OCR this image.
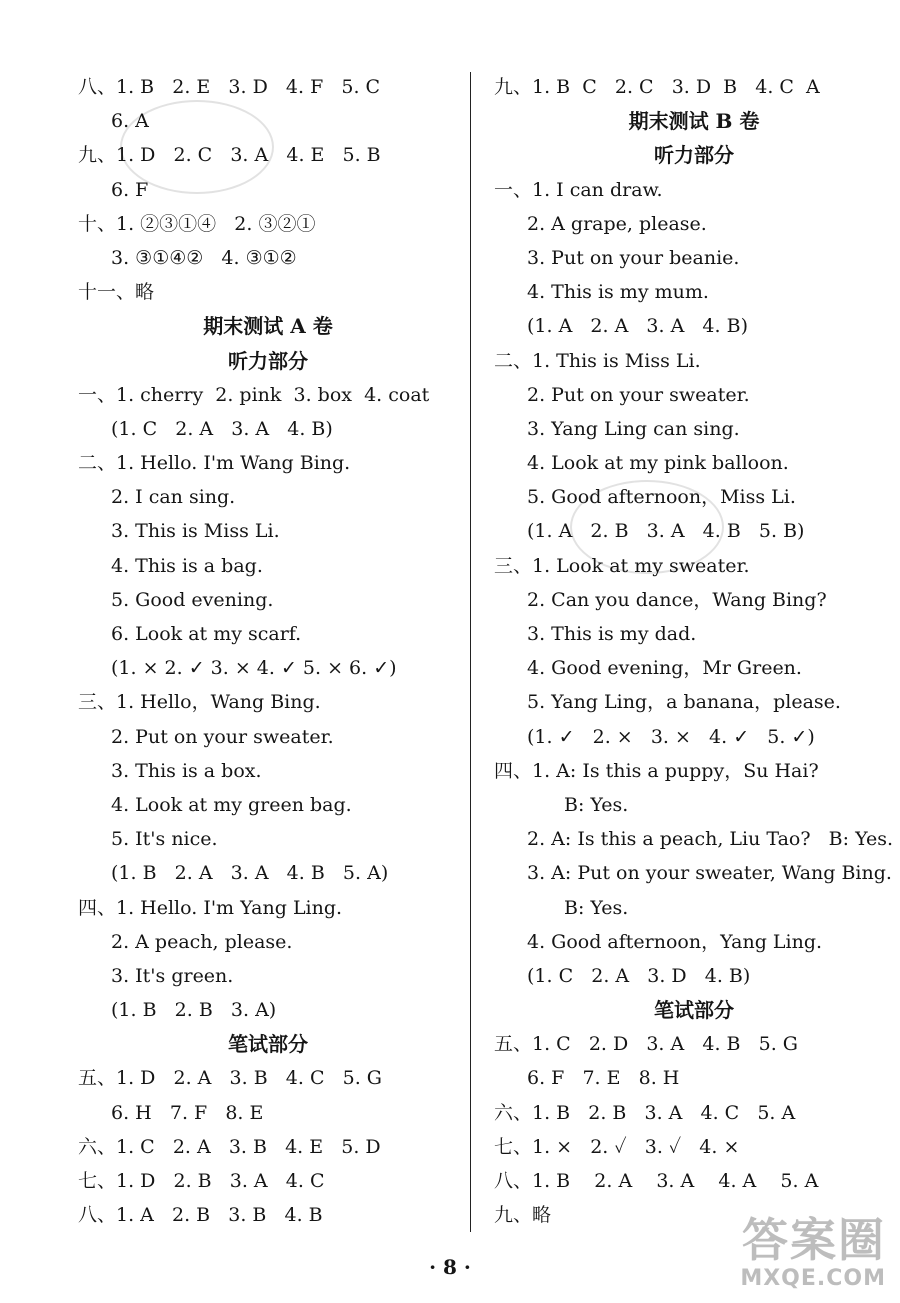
八、1. B   2. E   3. D   4. F   5. C
6. A
九、1. D   2. C   3. A   4. E   5. B
6. F
十、1. ②③①④   2. ③②①
3. ③①④②   4. ③①②
十一、略
期末测试 A 卷
听力部分
一、1. cherry  2. pink  3. box  4. coat
(1. C   2. A   3. A   4. B)
二、1. Hello. I'm Wang Bing.
2. I can sing.
3. This is Miss Li.
4. This is a bag.
5. Good evening.
6. Look at my scarf.
(1. × 2. ✓ 3. × 4. ✓ 5. × 6. ✓)
三、1. Hello，Wang Bing.
2. Put on your sweater.
3. This is a box.
4. Look at my green bag.
5. It's nice.
(1. B   2. A   3. A   4. B   5. A)
四、1. Hello. I'm Yang Ling.
2. A peach, please.
3. It's green.
(1. B   2. B   3. A)
笔试部分
五、1. D   2. A   3. B   4. C   5. G
6. H   7. F   8. E
六、1. C   2. A   3. B   4. E   5. D
七、1. D   2. B   3. A   4. C
八、1. A   2. B   3. B   4. B
九、1. B  C   2. C   3. D  B   4. C  A
期末测试 B 卷
听力部分
一、1. I can draw.
2. A grape, please.
3. Put on your beanie.
4. This is my mum.
(1. A   2. A   3. A   4. B)
二、1. This is Miss Li.
2. Put on your sweater.
3. Yang Ling can sing.
4. Look at my pink balloon.
5. Good afternoon，Miss Li.
(1. A   2. B   3. A   4. B   5. B)
三、1. Look at my sweater.
2. Can you dance，Wang Bing?
3. This is my dad.
4. Good evening，Mr Green.
5. Yang Ling，a banana，please.
(1. ✓   2. ×   3. ×   4. ✓   5. ✓)
四、1. A: Is this a puppy，Su Hai?
B: Yes.
2. A: Is this a peach, Liu Tao?   B: Yes.
3. A: Put on your sweater, Wang Bing.
B: Yes.
4. Good afternoon，Yang Ling.
(1. C   2. A   3. D   4. B)
笔试部分
五、1. C   2. D   3. A   4. B   5. G
6. F   7. E   8. H
六、1. B   2. B   3. A   4. C   5. A
七、1. ×   2. ✓   3. ✓   4. ×
八、1. B    2. A    3. A    4. A    5. A
九、略
· 8 ·	答案圈
MXQE.COM
